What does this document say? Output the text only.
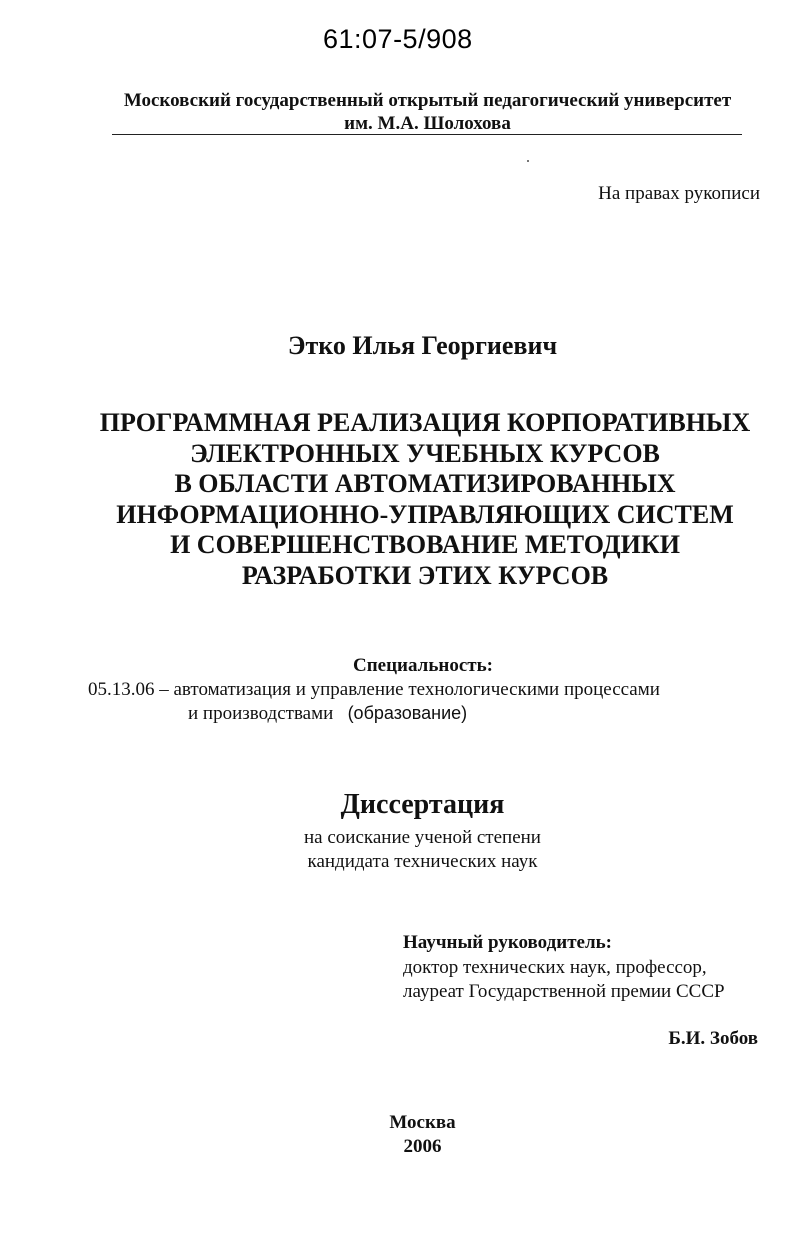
61:07-5/908
Московский государственный открытый педагогический университет
им. М.А. Шолохова
На правах рукописи
Этко Илья Георгиевич
ПРОГРАММНАЯ РЕАЛИЗАЦИЯ КОРПОРАТИВНЫХ
ЭЛЕКТРОННЫХ УЧЕБНЫХ КУРСОВ
В ОБЛАСТИ АВТОМАТИЗИРОВАННЫХ
ИНФОРМАЦИОННО-УПРАВЛЯЮЩИХ СИСТЕМ
И СОВЕРШЕНСТВОВАНИЕ МЕТОДИКИ
РАЗРАБОТКИ ЭТИХ КУРСОВ
Специальность:
05.13.06 – автоматизация и управление технологическими процессами
и производствами (образование)
Диссертация
на соискание ученой степени
кандидата технических наук
Научный руководитель:
доктор технических наук, профессор,
лауреат Государственной премии СССР
Б.И. Зобов
Москва
2006
